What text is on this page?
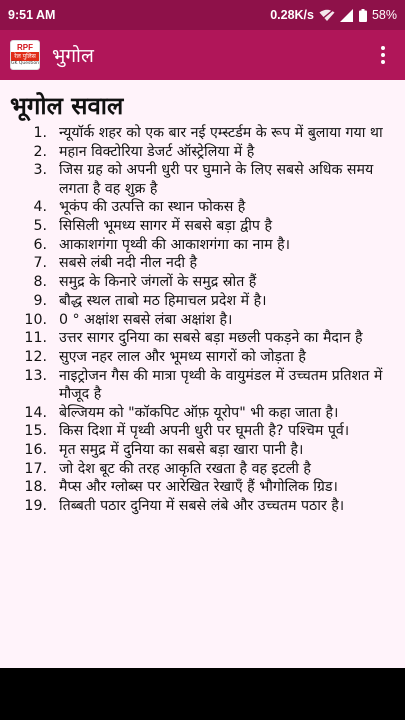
9:51 AM	0.28K/s	58%
RPF
रेल पुलिस
GK Question भुगोल
भूगोल सवाल
1. न्यूयॉर्क शहर को एक बार नई एम्स्टर्डम के रूप में बुलाया गया था
2. महान विक्टोरिया डेजर्ट ऑस्ट्रेलिया में है
3. जिस ग्रह को अपनी धुरी पर घुमाने के लिए सबसे अधिक समय लगता है वह शुक्र है
4. भूकंप की उत्पत्ति का स्थान फोकस है
5. सिसिली भूमध्य सागर में सबसे बड़ा द्वीप है
6. आकाशगंगा पृथ्वी की आकाशगंगा का नाम है।
7. सबसे लंबी नदी नील नदी है
8. समुद्र के किनारे जंगलों के समुद्र स्रोत हैं
9. बौद्ध स्थल ताबो मठ हिमाचल प्रदेश में है।
10. 0 ° अक्षांश सबसे लंबा अक्षांश है।
11. उत्तर सागर दुनिया का सबसे बड़ा मछली पकड़ने का मैदान है
12. सुएज नहर लाल और भूमध्य सागरों को जोड़ता है
13. नाइट्रोजन गैस की मात्रा पृथ्वी के वायुमंडल में उच्चतम प्रतिशत में मौजूद है
14. बेल्जियम को "कॉकपिट ऑफ़ यूरोप" भी कहा जाता है।
15. किस दिशा में पृथ्वी अपनी धुरी पर घूमती है? पश्चिम पूर्व।
16. मृत समुद्र में दुनिया का सबसे बड़ा खारा पानी है।
17. जो देश बूट की तरह आकृति रखता है वह इटली है
18. मैप्स और ग्लोब्स पर आरेखित रेखाएँ हैं भौगोलिक ग्रिड।
19. तिब्बती पठार दुनिया में सबसे लंबे और उच्चतम पठार है।
